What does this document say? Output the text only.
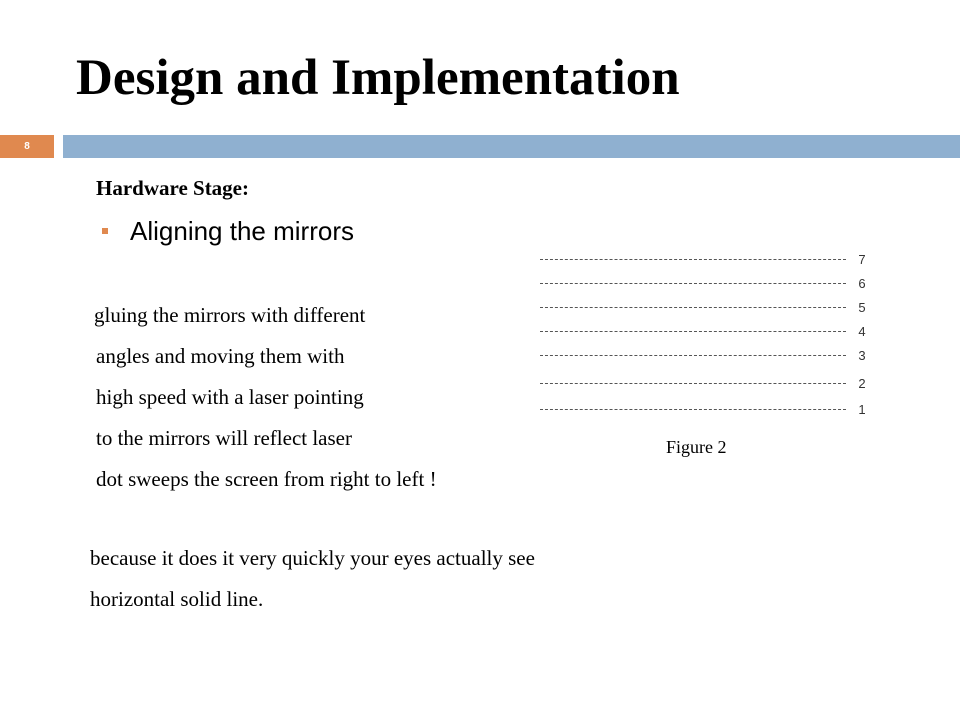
Design and Implementation
8
Hardware Stage:
Aligning the mirrors
gluing the mirrors with different
angles and moving them with
high speed with a laser pointing
to the mirrors will reflect laser
dot sweeps the screen from right to left !
because it does it very quickly your eyes actually see
horizontal solid line.
7
6
5
4
3
2
1
Figure 2
